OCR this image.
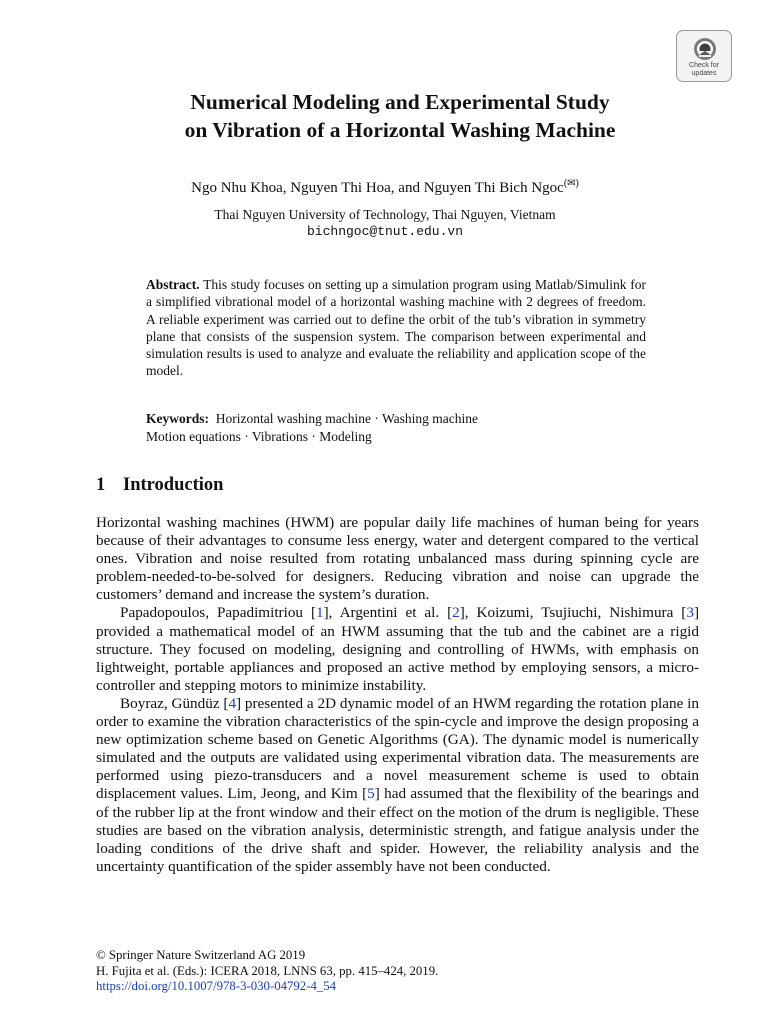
Check for
updates
Numerical Modeling and Experimental Study
on Vibration of a Horizontal Washing Machine
Ngo Nhu Khoa, Nguyen Thi Hoa, and Nguyen Thi Bich Ngoc(✉)
Thai Nguyen University of Technology, Thai Nguyen, Vietnam
bichngoc@tnut.edu.vn

Abstract. This study focuses on setting up a simulation program using Matlab/Simulink for a simplified vibrational model of a horizontal washing machine with 2 degrees of freedom. A reliable experiment was carried out to define the orbit of the tub’s vibration in symmetry plane that consists of the suspension system. The comparison between experimental and simulation results is used to analyze and evaluate the reliability and application scope of the model.

Keywords: Horizontal washing machine · Washing machine
Motion equations · Vibrations · Modeling
1 Introduction

Horizontal washing machines (HWM) are popular daily life machines of human being for years because of their advantages to consume less energy, water and detergent compared to the vertical ones. Vibration and noise resulted from rotating unbalanced mass during spinning cycle are problem-needed-to-be-solved for designers. Reducing vibration and noise can upgrade the customers’ demand and increase the system’s duration.

Papadopoulos, Papadimitriou [1], Argentini et al. [2], Koizumi, Tsujiuchi, Nishimura [3] provided a mathematical model of an HWM assuming that the tub and the cabinet are a rigid structure. They focused on modeling, designing and controlling of HWMs, with emphasis on lightweight, portable appliances and proposed an active method by employing sensors, a micro-controller and stepping motors to minimize instability.

Boyraz, Gündüz [4] presented a 2D dynamic model of an HWM regarding the rotation plane in order to examine the vibration characteristics of the spin-cycle and improve the design proposing a new optimization scheme based on Genetic Algorithms (GA). The dynamic model is numerically simulated and the outputs are validated using experimental vibration data. The measurements are performed using piezo-transducers and a novel measurement scheme is used to obtain displacement values. Lim, Jeong, and Kim [5] had assumed that the flexibility of the bearings and of the rubber lip at the front window and their effect on the motion of the drum is negligible. These studies are based on the vibration analysis, deterministic strength, and fatigue analysis under the loading conditions of the drive shaft and spider. However, the reliability analysis and the uncertainty quantification of the spider assembly have not been conducted.

© Springer Nature Switzerland AG 2019
H. Fujita et al. (Eds.): ICERA 2018, LNNS 63, pp. 415–424, 2019.
https://doi.org/10.1007/978-3-030-04792-4_54
